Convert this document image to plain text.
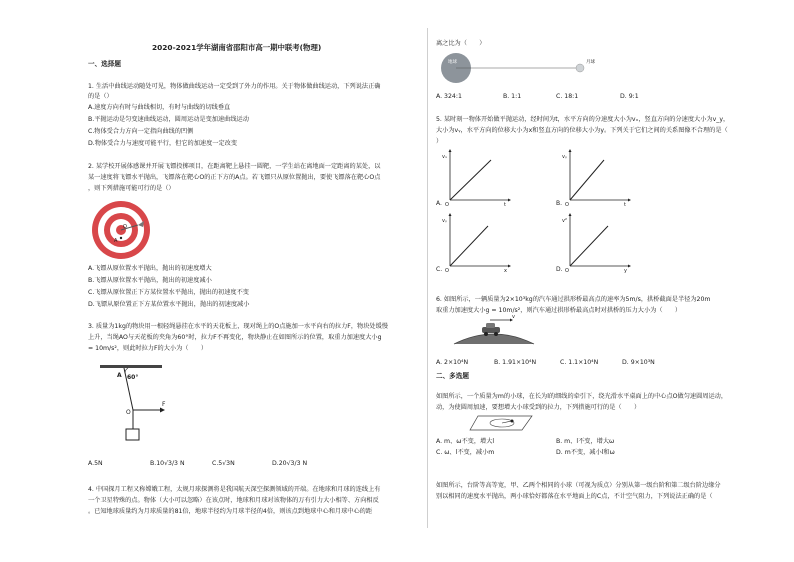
2020-2021学年湖南省邵阳市高一期中联考(物理)
一、选择题
1. 生活中曲线运动随处可见，物体做曲线运动一定受到了外力的作用。关于物体做曲线运动，下列说法正确
的是（）
A.速度方向有时与曲线相切，有时与曲线的切线垂直
B.平抛运动是匀变速曲线运动，圆周运动是变加速曲线运动
C.物体受合力方向一定指向曲线的凹侧
D.物体受合力与速度可能平行，但它的加速度一定改变
2. 某学校开展体感课并开展飞镖投掷项目，在距离靶上悬挂一圆靶，一学生站在离地面一定距离的某处，以
某一速度将飞镖水平抛出，飞镖落在靶心O的正下方的A点。若飞镖只从原位置抛出，要使飞镖落在靶心O点
，则下列措施可能可行的是（）
O
A
A.飞镖从原位置水平抛出，抛出的初速度增大
B.飞镖从原位置水平抛出，抛出的初速度减小
C.飞镖从原位置正下方某位置水平抛出，抛出的初速度不变
D.飞镖从原位置正下方某位置水平抛出，抛出的初速度减小
3. 质量为1kg的物块用一根轻绳悬挂在水平的天花板上，现对绳上的O点施加一水平向右的拉力F，物块处缓慢
上升，当绳AO与天花板的夹角为60°时，拉力F不再变化，物块静止在如图所示的位置，取重力加速度大小g
= 10m/s²，则此时拉力F的大小为（　　）
A 60°
O
F
A.5N	B.10√3/3 N	C.5√3N	D.20√3/3 N
4. 中国探月工程又称嫦娥工程，太规月球探测将是我国航天深空探测领域的开端。在地球和月球的连线上有
一个卫星特殊的点。物体（大小可以忽略）在该点时，地球和月球对该物体的万有引力大小相等、方向相反
。已知地球质量约为月球质量的81倍，地球半径约为月球半径的4倍，则该点到地球中心和月球中心的距
离之比为（　　）
地球	月球
A. 324:1	B. 1:1	C. 18:1	D. 9:1
5. 某时刻一物体开始做平抛运动，经时间为t，水平方向的分速度大小为vₓ，竖直方向的分速度大小为v_y，
大小为vᵧ，水平方向的位移大小为x和竖直方向的位移大小为y。下列关于它们之间的关系图像不合理的是（
）
A.
vₓ
t
O	B.
vᵧ
t
O
C.
vᵧ
x
O	D.
v²
y
O
6. 如图所示，一辆质量为2×10³kg的汽车通过拱形桥最高点的速率为5m/s，拱桥截面是半径为20m
取重力加速度大小g = 10m/s²，则汽车通过拱形桥最高点时对拱桥的压力大小为（　　）
v
A. 2×10⁴N	B. 1.91×10⁴N	C. 1.1×10⁴N	D. 9×10³N
二、多选题
如图所示，一个质量为m的小球，在长为l的细线的牵引下，绕光滑水平桌面上的中心点O做匀速圆周运动，
动，为使圆周加速，要想增大小球受到的拉力，下列措施可行的是（　　）
A. m、ω不变，增大l	B. m、l不变，增大ω
C. ω、l不变，减小m	D. m不变，减小l和ω
如图所示，台阶等高等宽，甲、乙两个相同的小球（可视为质点）分别从第一级台阶和第二级台阶边缘分
别以相同的速度水平抛出，两小球恰好都落在水平地面上的C点，不计空气阻力，下列说法正确的是（
